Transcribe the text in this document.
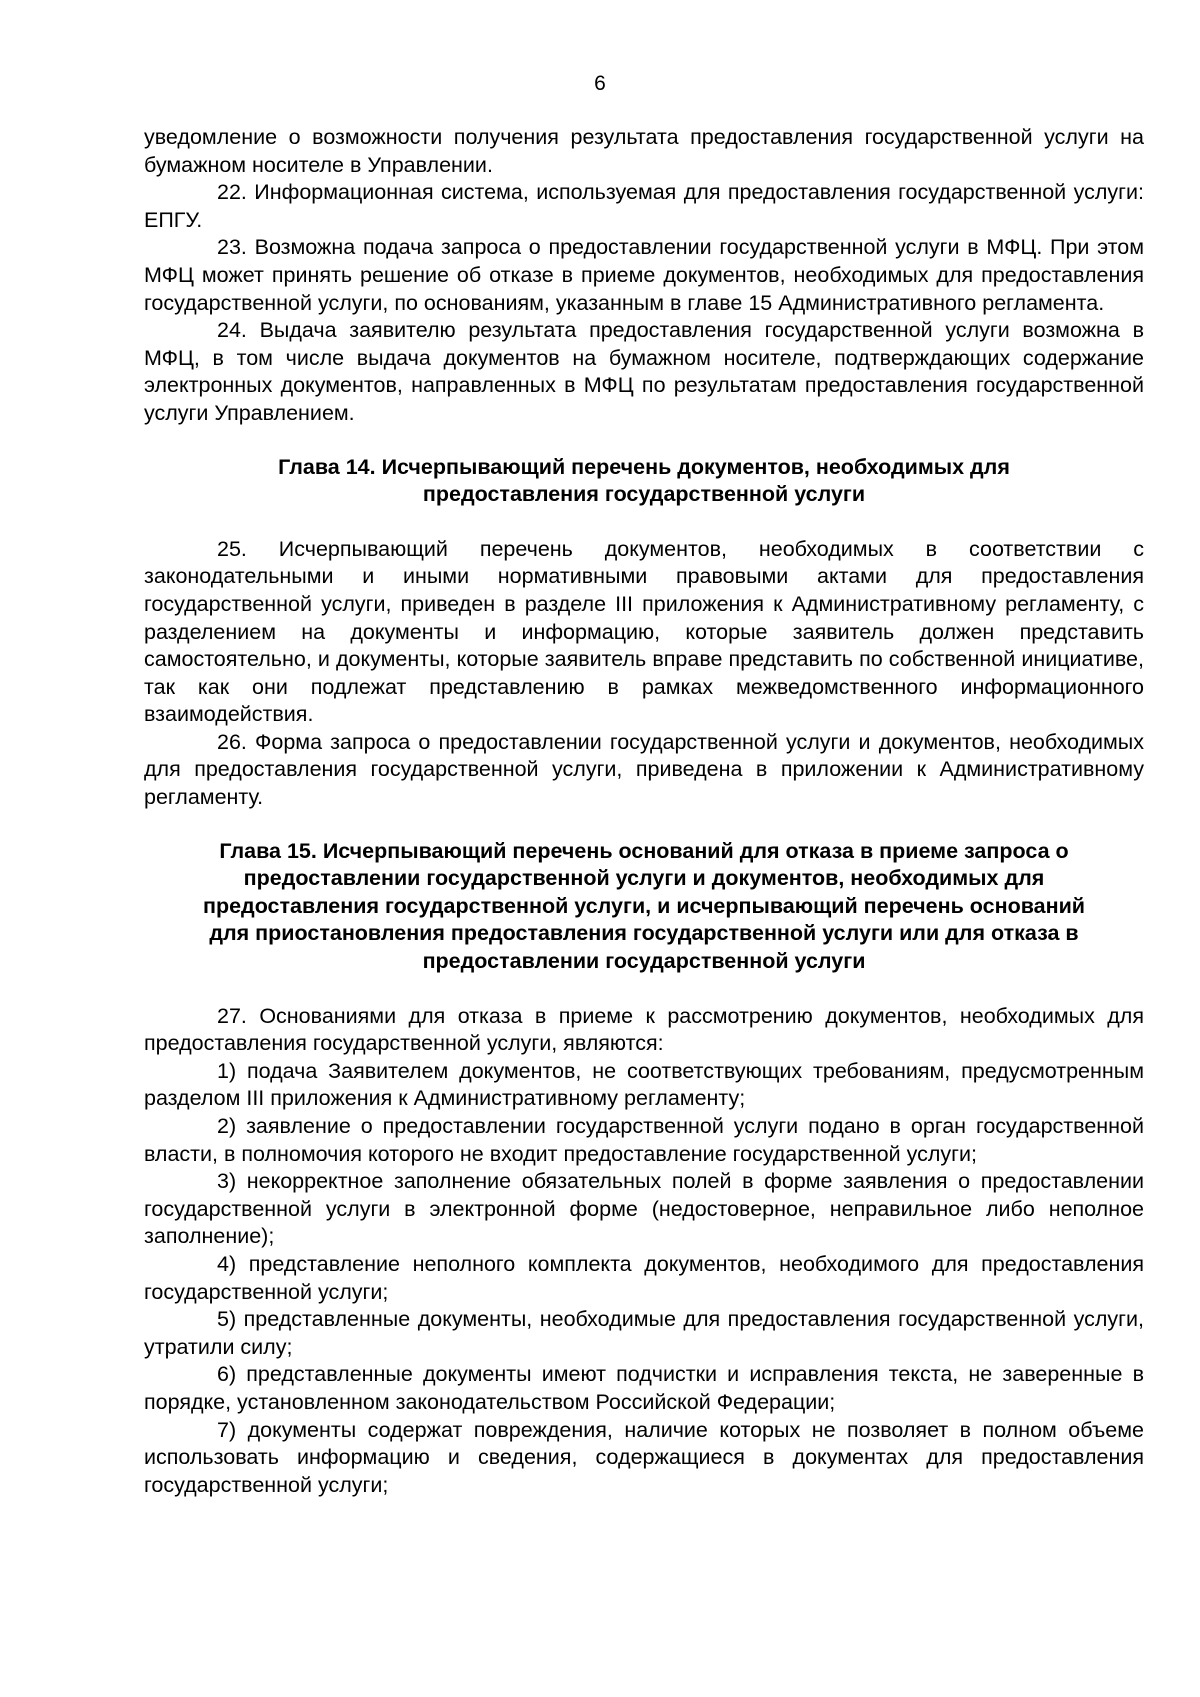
6

уведомление о возможности получения результата предоставления государственной услуги на бумажном носителе в Управлении.

22. Информационная система, используемая для предоставления государственной услуги: ЕПГУ.

23. Возможна подача запроса о предоставлении государственной услуги в МФЦ. При этом МФЦ может принять решение об отказе в приеме документов, необходимых для предоставления государственной услуги, по основаниям, указанным в главе 15 Административного регламента.

24. Выдача заявителю результата предоставления государственной услуги возможна в МФЦ, в том числе выдача документов на бумажном носителе, подтверждающих содержание электронных документов, направленных в МФЦ по результатам предоставления государственной услуги Управлением.

Глава 14. Исчерпывающий перечень документов, необходимых для
предоставления государственной услуги

25. Исчерпывающий перечень документов, необходимых в соответствии с законодательными и иными нормативными правовыми актами для предоставления государственной услуги, приведен в разделе III приложения к Административному регламенту, с разделением на документы и информацию, которые заявитель должен представить самостоятельно, и документы, которые заявитель вправе представить по собственной инициативе, так как они подлежат представлению в рамках межведомственного информационного взаимодействия.

26. Форма запроса о предоставлении государственной услуги и документов, необходимых для предоставления государственной услуги, приведена в приложении к Административному регламенту.

Глава 15. Исчерпывающий перечень оснований для отказа в приеме запроса о
предоставлении государственной услуги и документов, необходимых для
предоставления государственной услуги, и исчерпывающий перечень оснований
для приостановления предоставления государственной услуги или для отказа в
предоставлении государственной услуги

27. Основаниями для отказа в приеме к рассмотрению документов, необходимых для предоставления государственной услуги, являются:

1) подача Заявителем документов, не соответствующих требованиям, предусмотренным разделом III приложения к Административному регламенту;

2) заявление о предоставлении государственной услуги подано в орган государственной власти, в полномочия которого не входит предоставление государственной услуги;

3) некорректное заполнение обязательных полей в форме заявления о предоставлении государственной услуги в электронной форме (недостоверное, неправильное либо неполное заполнение);

4) представление неполного комплекта документов, необходимого для предоставления государственной услуги;

5) представленные документы, необходимые для предоставления государственной услуги, утратили силу;

6) представленные документы имеют подчистки и исправления текста, не заверенные в порядке, установленном законодательством Российской Федерации;

7) документы содержат повреждения, наличие которых не позволяет в полном объеме использовать информацию и сведения, содержащиеся в документах для предоставления государственной услуги;
